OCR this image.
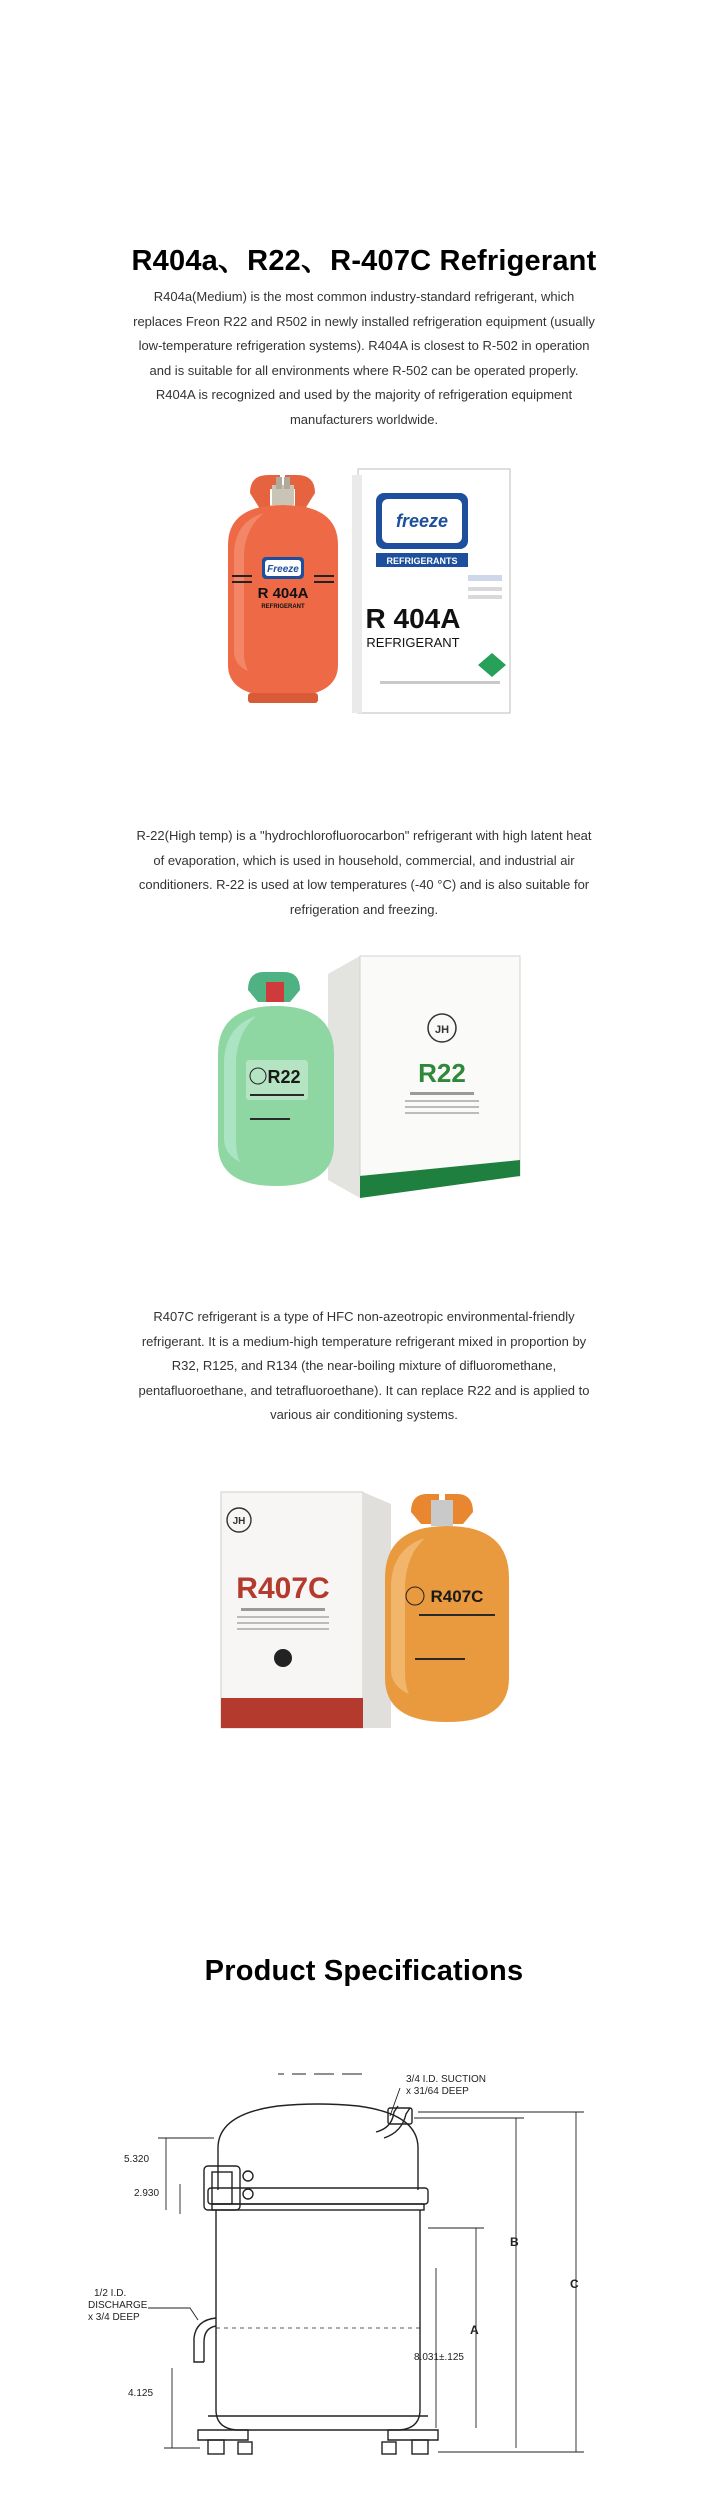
R404a、R22、R-407C Refrigerant

R404a(Medium) is the most common industry-standard refrigerant, which replaces Freon R22 and R502 in newly installed refrigeration equipment (usually low-temperature refrigeration systems). R404A is closest to R-502 in operation and is suitable for all environments where R-502 can be operated properly. R404A is recognized and used by the majority of refrigeration equipment manufacturers worldwide.

freeze
REFRIGERANTS
R 404A
REFRIGERANT
Freeze
R 404A
REFRIGERANT

R-22(High temp) is a "hydrochlorofluorocarbon" refrigerant with high latent heat of evaporation, which is used in household, commercial, and industrial air conditioners. R-22 is used at low temperatures (-40 °C) and is also suitable for refrigeration and freezing.

JH
R22
R22

R407C refrigerant is a type of HFC non-azeotropic environmental-friendly refrigerant. It is a medium-high temperature refrigerant mixed in proportion by R32, R125, and R134 (the near-boiling mixture of difluoromethane, pentafluoroethane, and tetrafluoroethane). It can replace R22 and is applied to various air conditioning systems.

JH
R407C	R407C
Product Specifications
3/4 I.D. SUCTION
x 31/64 DEEP
1/2 I.D.
DISCHARGE
x 3/4 DEEP
5.320
2.930
4.125
8.031±.125
A
B
C
